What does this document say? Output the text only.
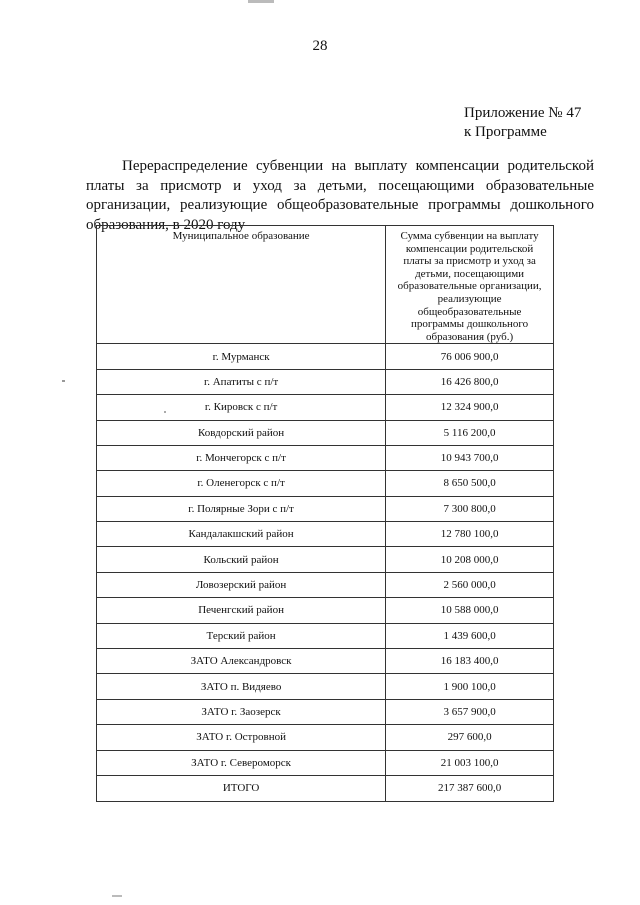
28
Приложение № 47
к Программе

Перераспределение субвенции на выплату компенсации родительской платы за присмотр и уход за детьми, посещающими образовательные организации, реализующие общеобразовательные программы дошкольного образования, в 2020 году

Муниципальное образование	Сумма субвенции на выплату компенсации родительской платы за присмотр и уход за детьми, посещающими образовательные организации, реализующие общеобразовательные программы дошкольного образования (руб.)

г. Мурманск	76 006 900,0
г. Апатиты с п/т	16 426 800,0
г. Кировск с п/т	12 324 900,0
Ковдорский район	5 116 200,0
г. Мончегорск с п/т	10 943 700,0
г. Оленегорск с п/т	8 650 500,0
г. Полярные Зори с п/т	7 300 800,0
Кандалакшский район	12 780 100,0
Кольский район	10 208 000,0
Ловозерский район	2 560 000,0
Печенгский район	10 588 000,0
Терский район	1 439 600,0
ЗАТО Александровск	16 183 400,0
ЗАТО п. Видяево	1 900 100,0
ЗАТО г. Заозерск	3 657 900,0
ЗАТО г. Островной	297 600,0
ЗАТО г. Североморск	21 003 100,0
ИТОГО	217 387 600,0
